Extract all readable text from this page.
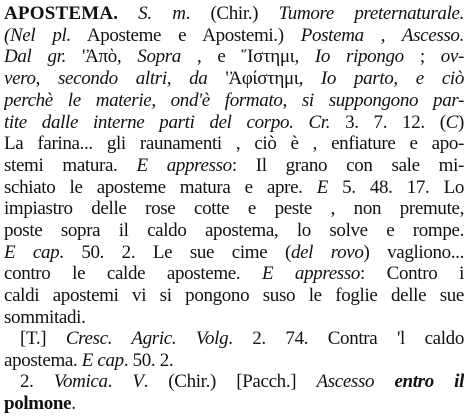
APOSTEMA. S. m. (Chir.) Tumore preternaturale.
(Nel pl. Aposteme e Apostemi.) Postema , Ascesso.
Dal gr. 'Ἀπὸ, Sopra , e Ἵστημι, Io ripongo ; ov-
vero, secondo altri, da 'Ἀφίστημι, Io parto, e ciò
perchè le materie, ond'è formato, si suppongono par-
tite dalle interne parti del corpo. Cr. 3. 7. 12. (C)
La farina... gli raunamenti , ciò è , enfiature e apo-
stemi matura. E appresso: Il grano con sale mi-
schiato le aposteme matura e apre. E 5. 48. 17. Lo
impiastro delle rose cotte e peste , non premute,
poste sopra il caldo apostema, lo solve e rompe.
E cap. 50. 2. Le sue cime (del rovo) vagliono...
contro le calde aposteme. E appresso: Contro i
caldi apostemi vi si pongono suso le foglie delle sue
sommitadi.
[T.] Cresc. Agric. Volg. 2. 74. Contra 'l caldo
apostema. E cap. 50. 2.
2. Vomica. V. (Chir.) [Pacch.] Ascesso entro il
polmone.
